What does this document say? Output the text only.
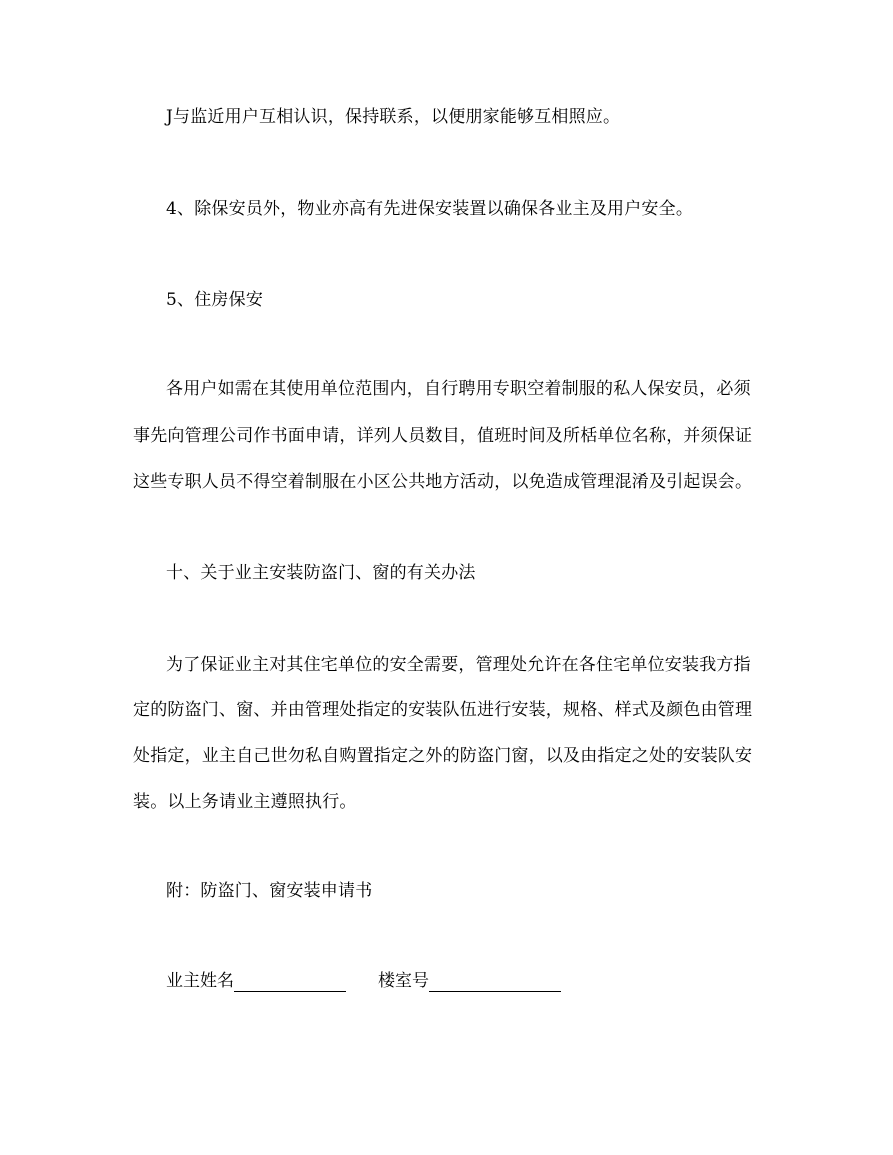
J与监近用户互相认识，保持联系，以便朋家能够互相照应。
4、除保安员外，物业亦高有先进保安装置以确保各业主及用户安全。
5、住房保安
各用户如需在其使用单位范围内，自行聘用专职空着制服的私人保安员，必须
事先向管理公司作书面申请，详列人员数目，值班时间及所栝单位名称，并须保证
这些专职人员不得空着制服在小区公共地方活动，以免造成管理混淆及引起误会。
十、关于业主安装防盗门、窗的有关办法
为了保证业主对其住宅单位的安全需要，管理处允许在各住宅单位安装我方指
定的防盗门、窗、并由管理处指定的安装队伍进行安装，规格、样式及颜色由管理
处指定，业主自己世勿私自购置指定之外的防盗门窗，以及由指定之处的安装队安
装。以上务请业主遵照执行。
附：防盗门、窗安装申请书
业主姓名	楼室号
